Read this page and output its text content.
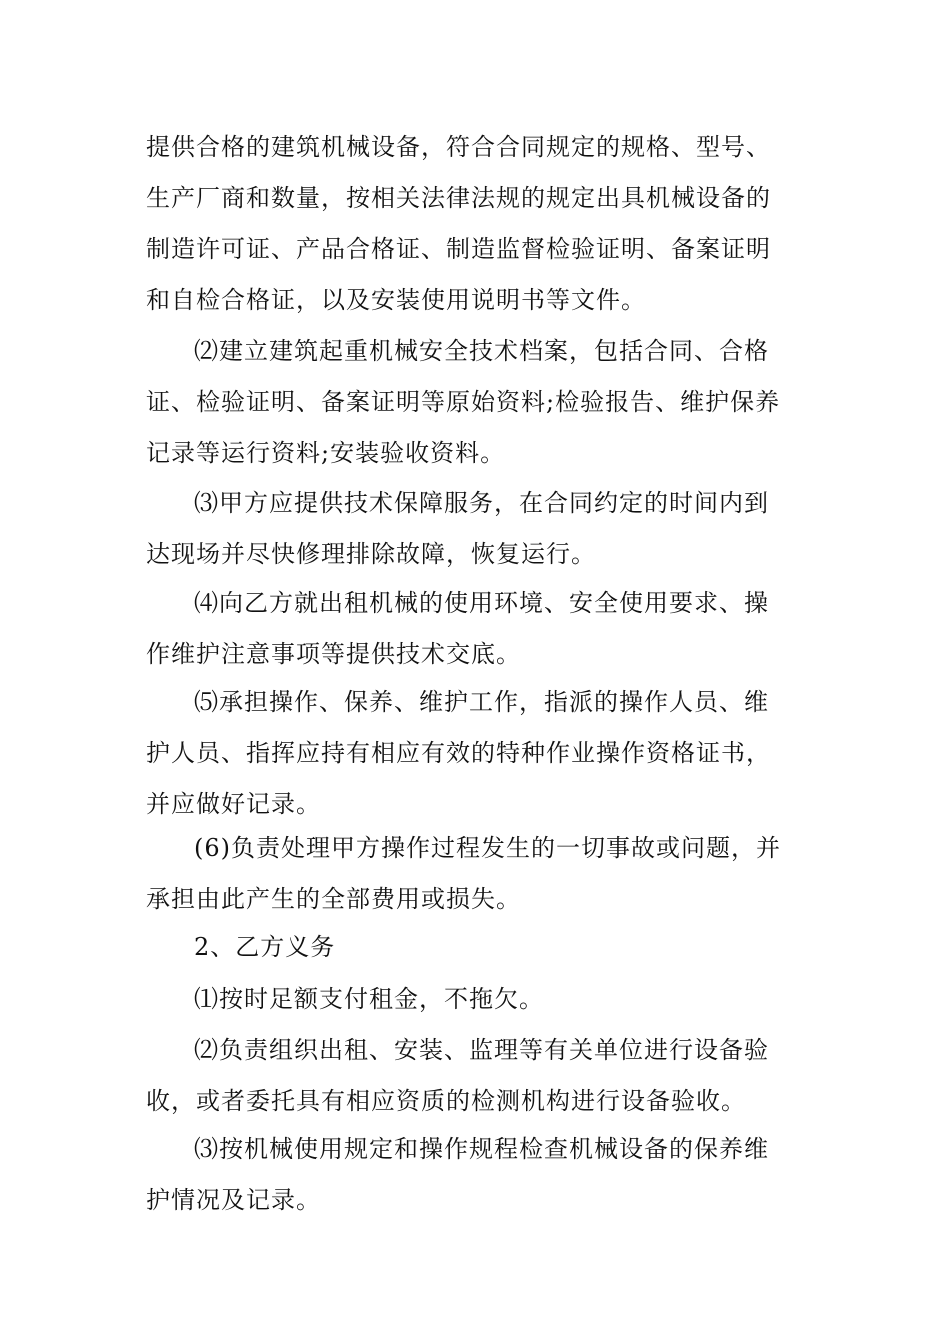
提供合格的建筑机械设备，符合合同规定的规格、型号、
生产厂商和数量，按相关法律法规的规定出具机械设备的
制造许可证、产品合格证、制造监督检验证明、备案证明
和自检合格证，以及安装使用说明书等文件。
⑵建立建筑起重机械安全技术档案，包括合同、合格
证、检验证明、备案证明等原始资料;检验报告、维护保养
记录等运行资料;安装验收资料。
⑶甲方应提供技术保障服务，在合同约定的时间内到
达现场并尽快修理排除故障，恢复运行。
⑷向乙方就出租机械的使用环境、安全使用要求、操
作维护注意事项等提供技术交底。
⑸承担操作、保养、维护工作，指派的操作人员、维
护人员、指挥应持有相应有效的特种作业操作资格证书，
并应做好记录。
(6)负责处理甲方操作过程发生的一切事故或问题，并
承担由此产生的全部费用或损失。
2、乙方义务
⑴按时足额支付租金，不拖欠。
⑵负责组织出租、安装、监理等有关单位进行设备验
收，或者委托具有相应资质的检测机构进行设备验收。
⑶按机械使用规定和操作规程检查机械设备的保养维
护情况及记录。
